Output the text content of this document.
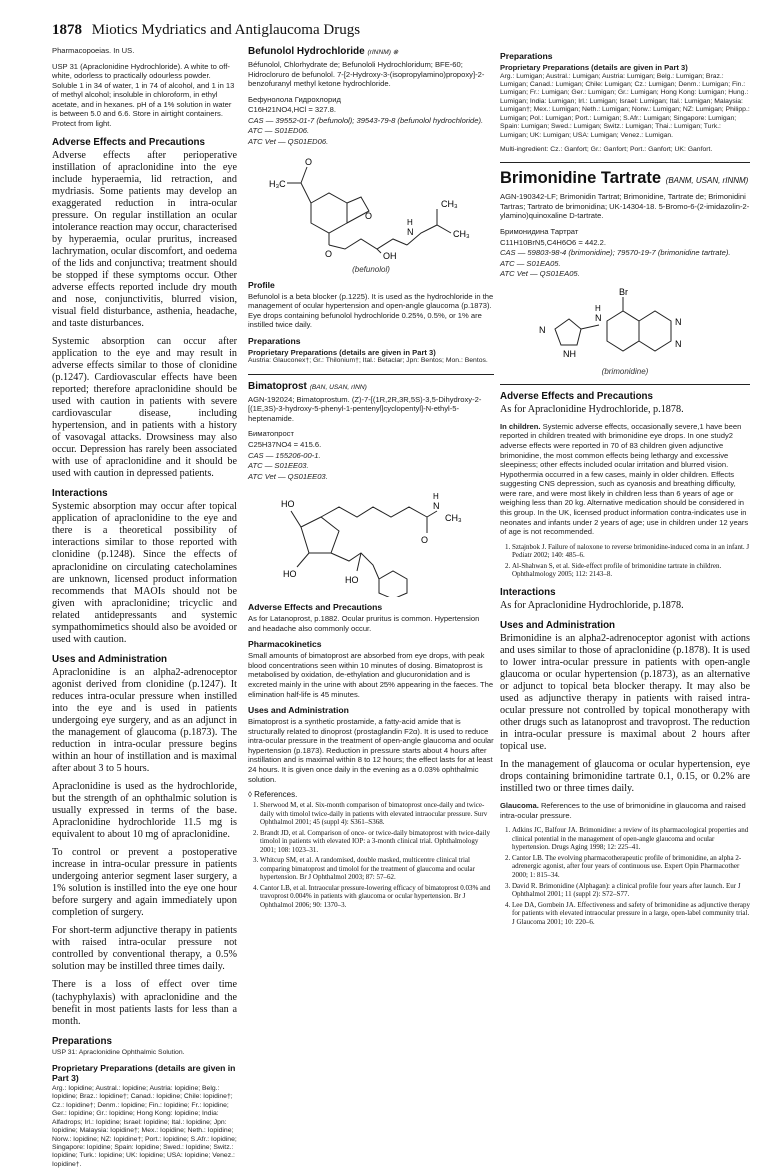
1878 Miotics Mydriatics and Antiglaucoma Drugs

Pharmacopoeias. In US.

USP 31 (Apraclonidine Hydrochloride). A white to off-white, odorless to practically odourless powder. Soluble 1 in 34 of water, 1 in 74 of alcohol, and 1 in 13 of methyl alcohol; insoluble in chloroform, in ethyl acetate, and in hexanes. pH of a 1% solution in water is between 5.0 and 6.6. Store in airtight containers. Protect from light.

Adverse Effects and Precautions

Adverse effects after perioperative instillation of apraclonidine into the eye include hyperaemia, lid retraction, and mydriasis. Some patients may develop an exaggerated reduction in intra-ocular pressure. On regular instillation an ocular intolerance reaction may occur, characterised by hyperaemia, ocular pruritus, increased lachrymation, ocular discomfort, and oedema of the lids and conjunctiva; treatment should be stopped if these symptoms occur. Other adverse effects reported include dry mouth and nose, conjunctivitis, blurred vision, visual field disturbance, asthenia, headache, and taste disturbances.

Systemic absorption can occur after application to the eye and may result in adverse effects similar to those of clonidine (p.1247). Cardiovascular effects have been reported; therefore apraclonidine should be used with caution in patients with severe cardiovascular disease, including hypertension, and in patients with a history of vasovagal attacks. Drowsiness may also occur. Depression has rarely been associated with use of apraclonidine and it should be used with caution in depressed patients.

Interactions

Systemic absorption may occur after topical application of apraclonidine to the eye and there is a theoretical possibility of interactions similar to those reported with clonidine (p.1248). Since the effects of apraclonidine on circulating catecholamines are unknown, licensed product information recommends that MAOIs should not be given with apraclonidine; tricyclic and related antidepressants and systemic sympathomimetics should also be avoided or used with caution.

Uses and Administration

Apraclonidine is an alpha2-adrenoceptor agonist derived from clonidine (p.1247). It reduces intra-ocular pressure when instilled into the eye and is used in patients undergoing eye surgery, and as an adjunct in the management of glaucoma (p.1873). The reduction in intra-ocular pressure begins within an hour of instillation and is maximal after about 3 to 5 hours.

Apraclonidine is used as the hydrochloride, but the strength of an ophthalmic solution is usually expressed in terms of the base. Apraclonidine hydrochloride 11.5 mg is equivalent to about 10 mg of apraclonidine.

To control or prevent a postoperative increase in intra-ocular pressure in patients undergoing anterior segment laser surgery, a 1% solution is instilled into the eye one hour before surgery and again immediately upon completion of surgery.

For short-term adjunctive therapy in patients with raised intra-ocular pressure not controlled by conventional therapy, a 0.5% solution may be instilled three times daily.

There is a loss of effect over time (tachyphylaxis) with apraclonidine and the benefit in most patients lasts for less than a month.

Preparations

USP 31: Apraclonidine Ophthalmic Solution.

Proprietary Preparations (details are given in Part 3)

Arg.: Iopidine; Austral.: Iopidine; Austria: Iopidine; Belg.: Iopidine; Braz.: Iopidine†; Canad.: Iopidine; Chile: Iopidine†; Cz.: Iopidine†; Denm.: Iopidine; Fin.: Iopidine; Fr.: Iopidine; Ger.: Iopidine; Gr.: Iopidine; Hong Kong: Iopidine; India: Alfadrops; Irl.: Iopidine; Israel: Iopidine; Ital.: Iopidine; Jpn: Iopidine; Malaysia: Iopidine†; Mex.: Iopidine; Neth.: Iopidine; Norw.: Iopidine; NZ: Iopidine†; Port.: Iopidine; S.Afr.: Iopidine; Singapore: Iopidine; Spain: Iopidine; Swed.: Iopidine; Switz.: Iopidine; Turk.: Iopidine; UK: Iopidine; USA: Iopidine; Venez.: Iopidine†.

Befunolol Hydrochloride (rINNM) ⊗

Béfunolol, Chlorhydrate de; Befunololi Hydrochloridum; BFE-60; Hidrocloruro de befunolol. 7-[2-Hydroxy-3-(isopropylamino)propoxy]-2-benzofuranyl methyl ketone hydrochloride.

Бефунолола Гидрохлорид

C16H21NO4,HCl = 327.8.

CAS — 39552-01-7 (befunolol); 39543-79-8 (befunolol hydrochloride).

ATC — S01ED06.

ATC Vet — QS01ED06.

H₃C
O
O
O	OH
N
H
CH₃
CH₃
(befunolol)
Profile

Befunolol is a beta blocker (p.1225). It is used as the hydrochloride in the management of ocular hypertension and open-angle glaucoma (p.1873). Eye drops containing befunolol hydrochloride 0.25%, 0.5%, or 1% are instilled twice daily.

Preparations
Proprietary Preparations (details are given in Part 3)

Austria: Glauconex†; Gr.: Thilonium†; Ital.: Betaclar; Jpn: Bentos; Mon.: Bentos.

Bimatoprost (BAN, USAN, rINN)

AGN-192024; Bimatoprostum. (Z)-7-[(1R,2R,3R,5S)-3,5-Dihydroxy-2-[(1E,3S)-3-hydroxy-5-phenyl-1-pentenyl]cyclopentyl]-N-ethyl-5-heptenamide.

Биматопрост

C25H37NO4 = 415.6.

CAS — 155206-00-1.

ATC — S01EE03.

ATC Vet — QS01EE03.

HO
HO
HO
O
N
H
CH₃
Adverse Effects and Precautions

As for Latanoprost, p.1882. Ocular pruritus is common. Hypertension and headache also commonly occur.

Pharmacokinetics

Small amounts of bimatoprost are absorbed from eye drops, with peak blood concentrations seen within 10 minutes of dosing. Bimatoprost is metabolised by oxidation, de-ethylation and glucuronidation and is excreted mainly in the urine with about 25% appearing in the faeces. The elimination half-life is 45 minutes.

Uses and Administration

Bimatoprost is a synthetic prostamide, a fatty-acid amide that is structurally related to dinoprost (prostaglandin F2α). It is used to reduce intra-ocular pressure in the treatment of open-angle glaucoma and ocular hypertension (p.1873). Reduction in pressure starts about 4 hours after instillation and is maximal within 8 to 12 hours; the effect lasts for at least 24 hours. It is given once daily in the evening as a 0.03% ophthalmic solution.

◊ References.
1. Sherwood M, et al. Six-month comparison of bimatoprost once-daily and twice-daily with timolol twice-daily in patients with elevated intraocular pressure. Surv Ophthalmol 2001; 45 (suppl 4): S361–S368.
2. Brandt JD, et al. Comparison of once- or twice-daily bimatoprost with twice-daily timolol in patients with elevated IOP: a 3-month clinical trial. Ophthalmology 2001; 108: 1023–31.
3. Whitcup SM, et al. A randomised, double masked, multicentre clinical trial comparing bimatoprost and timolol for the treatment of glaucoma and ocular hypertension. Br J Ophthalmol 2003; 87: 57–62.
4. Cantor LB, et al. Intraocular pressure-lowering efficacy of bimatoprost 0.03% and travoprost 0.004% in patients with glaucoma or ocular hypertension. Br J Ophthalmol 2006; 90: 1370–3.
Preparations
Proprietary Preparations (details are given in Part 3)

Arg.: Lumigan; Austral.: Lumigan; Austria: Lumigan; Belg.: Lumigan; Braz.: Lumigan; Canad.: Lumigan; Chile: Lumigan; Cz.: Lumigan; Denm.: Lumigan; Fin.: Lumigan; Fr.: Lumigan; Ger.: Lumigan; Gr.: Lumigan; Hong Kong: Lumigan; Hung.: Lumigan; India: Lumigan; Irl.: Lumigan; Israel: Lumigan; Ital.: Lumigan; Malaysia: Lumigan†; Mex.: Lumigan; Neth.: Lumigan; Norw.: Lumigan; NZ: Lumigan; Philipp.: Lumigan; Pol.: Lumigan; Port.: Lumigan; S.Afr.: Lumigan; Singapore: Lumigan; Spain: Lumigan; Swed.: Lumigan; Switz.: Lumigan; Thai.: Lumigan; Turk.: Lumigan; UK: Lumigan; USA: Lumigan; Venez.: Lumigan.

Multi-ingredient: Cz.: Ganfort; Gr.: Ganfort; Port.: Ganfort; UK: Ganfort.

Brimonidine Tartrate (BANM, USAN, rINNM)

AGN-190342-LF; Brimonidin Tartrat; Brimonidine, Tartrate de; Brimonidini Tartras; Tartrato de brimonidina; UK-14304-18. 5-Bromo-6-(2-imidazolin-2-ylamino)quinoxaline D-tartrate.

Бримонидина Тартрат

C11H10BrN5,C4H6O6 = 442.2.

CAS — 59803-98-4 (brimonidine); 79570-19-7 (brimonidine tartrate).

ATC — S01EA05.

ATC Vet — QS01EA05.

N
NH
N
H
Br
N
N
(brimonidine)
Adverse Effects and Precautions

As for Apraclonidine Hydrochloride, p.1878.

In children. Systemic adverse effects, occasionally severe,1 have been reported in children treated with brimonidine eye drops. In one study2 adverse effects were reported in 70 of 83 children given adjunctive brimonidine, the most common effects being lethargy and excessive sleepiness; other effects included ocular irritation and blurred vision. Hypothermia occurred in a few cases, mainly in older children. Effects suggesting CNS depression, such as cyanosis and breathing difficulty, were rare, and were most likely in children less than 6 years of age or weighing less than 20 kg. Alternative medication should be considered in this group. In the UK, licensed product information contra-indicates use in neonates and infants under 2 years of age; use in children under 12 years of age is not recommended.

1. Sztajnbok J. Failure of naloxone to reverse brimonidine-induced coma in an infant. J Pediatr 2002; 140: 485–6.
2. Al-Shahwan S, et al. Side-effect profile of brimonidine tartrate in children. Ophthalmology 2005; 112: 2143–8.
Interactions

As for Apraclonidine Hydrochloride, p.1878.

Uses and Administration

Brimonidine is an alpha2-adrenoceptor agonist with actions and uses similar to those of apraclonidine (p.1878). It is used to lower intra-ocular pressure in patients with open-angle glaucoma or ocular hypertension (p.1873), as an alternative or adjunct to topical beta blocker therapy. It may also be used as adjunctive therapy in patients with raised intra-ocular pressure not controlled by topical monotherapy with other drugs such as latanoprost and travoprost. The reduction in intra-ocular pressure is maximal about 2 hours after topical use.

In the management of glaucoma or ocular hypertension, eye drops containing brimonidine tartrate 0.1, 0.15, or 0.2% are instilled two or three times daily.

Glaucoma. References to the use of brimonidine in glaucoma and raised intra-ocular pressure.

1. Adkins JC, Balfour JA. Brimonidine: a review of its pharmacological properties and clinical potential in the management of open-angle glaucoma and ocular hypertension. Drugs Aging 1998; 12: 225–41.
2. Cantor LB. The evolving pharmacotherapeutic profile of brimonidine, an alpha 2-adrenergic agonist, after four years of continuous use. Expert Opin Pharmacother 2000; 1: 815–34.
3. David R. Brimonidine (Alphagan): a clinical profile four years after launch. Eur J Ophthalmol 2001; 11 (suppl 2): S72–S77.
4. Lee DA, Gornbein JA. Effectiveness and safety of brimonidine as adjunctive therapy for patients with elevated intraocular pressure in a large, open-label community trial. J Glaucoma 2001; 10: 220–6.
